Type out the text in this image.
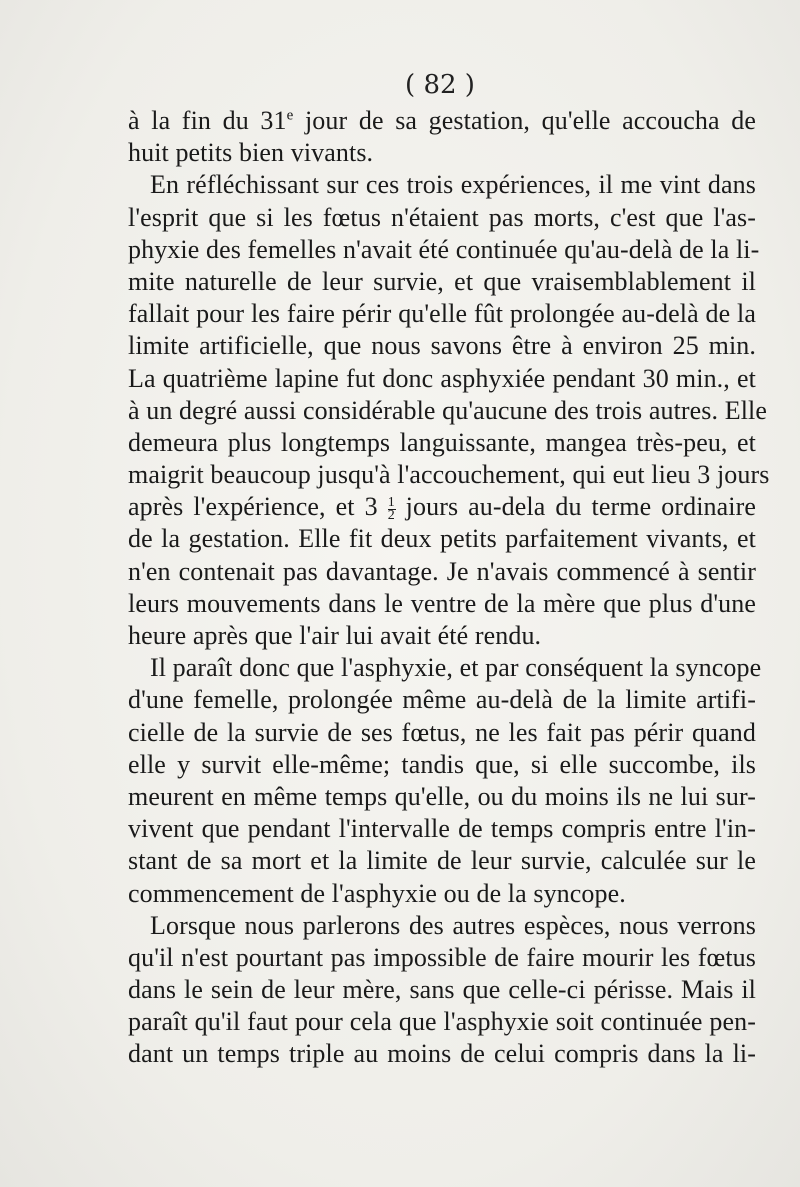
( 82 )
à la fin du 31e jour de sa gestation, qu'elle accoucha de
huit petits bien vivants.
En réfléchissant sur ces trois expériences, il me vint dans
l'esprit que si les fœtus n'étaient pas morts, c'est que l'as-
phyxie des femelles n'avait été continuée qu'au-delà de la li-
mite naturelle de leur survie, et que vraisemblablement il
fallait pour les faire périr qu'elle fût prolongée au-delà de la
limite artificielle, que nous savons être à environ 25 min.
La quatrième lapine fut donc asphyxiée pendant 30 min., et
à un degré aussi considérable qu'aucune des trois autres. Elle
demeura plus longtemps languissante, mangea très-peu, et
maigrit beaucoup jusqu'à l'accouchement, qui eut lieu 3 jours
après l'expérience, et $3 \frac{1}{2}$ jours au-dela du terme ordinaire
de la gestation. Elle fit deux petits parfaitement vivants, et
n'en contenait pas davantage. Je n'avais commencé à sentir
leurs mouvements dans le ventre de la mère que plus d'une
heure après que l'air lui avait été rendu.
Il paraît donc que l'asphyxie, et par conséquent la syncope
d'une femelle, prolongée même au-delà de la limite artifi-
cielle de la survie de ses fœtus, ne les fait pas périr quand
elle y survit elle-même; tandis que, si elle succombe, ils
meurent en même temps qu'elle, ou du moins ils ne lui sur-
vivent que pendant l'intervalle de temps compris entre l'in-
stant de sa mort et la limite de leur survie, calculée sur le
commencement de l'asphyxie ou de la syncope.
Lorsque nous parlerons des autres espèces, nous verrons
qu'il n'est pourtant pas impossible de faire mourir les fœtus
dans le sein de leur mère, sans que celle-ci périsse. Mais il
paraît qu'il faut pour cela que l'asphyxie soit continuée pen-
dant un temps triple au moins de celui compris dans la li-
